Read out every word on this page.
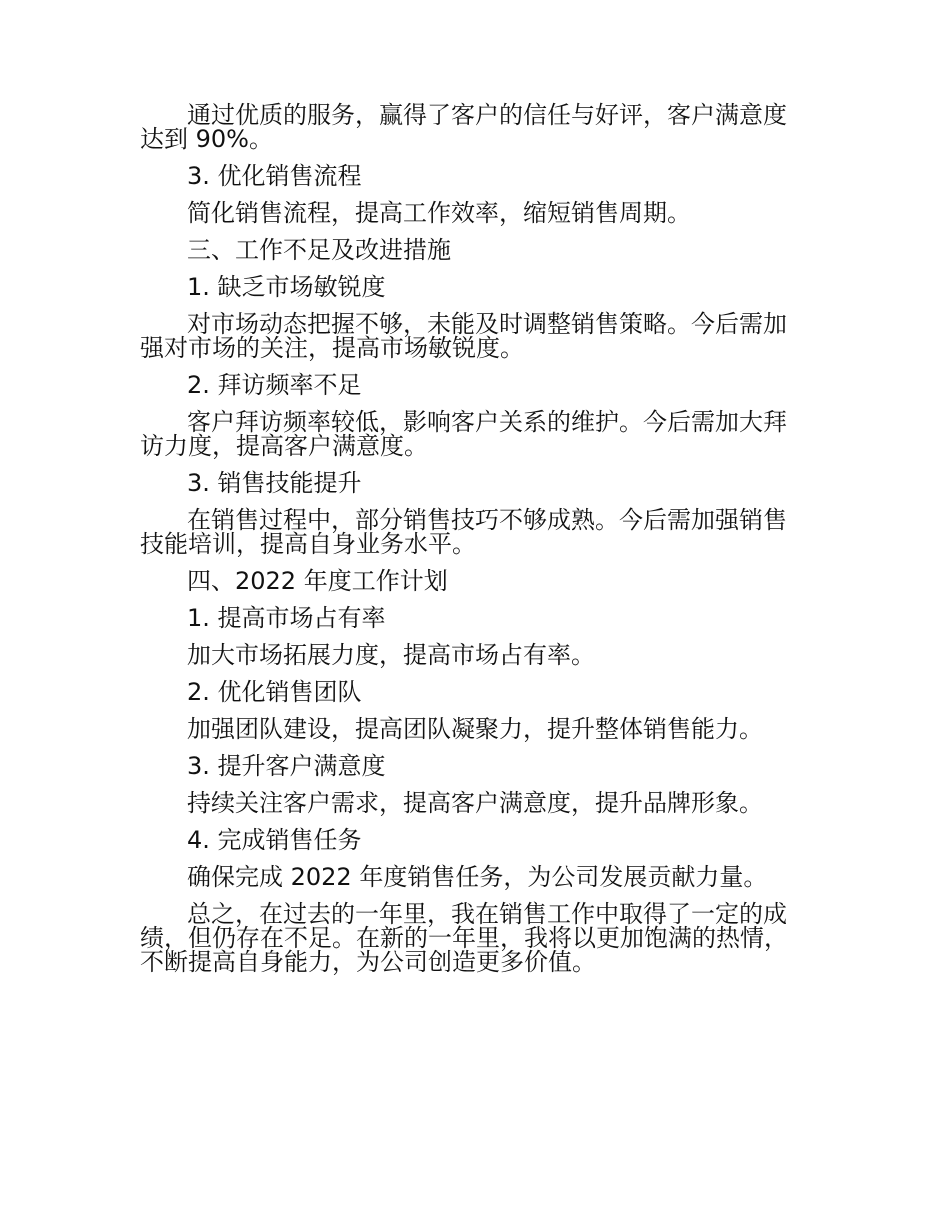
通过优质的服务，赢得了客户的信任与好评，客户满意度达到 90%。

3. 优化销售流程

简化销售流程，提高工作效率，缩短销售周期。

三、工作不足及改进措施

1. 缺乏市场敏锐度

对市场动态把握不够，未能及时调整销售策略。今后需加强对市场的关注，提高市场敏锐度。

2. 拜访频率不足

客户拜访频率较低，影响客户关系的维护。今后需加大拜访力度，提高客户满意度。

3. 销售技能提升

在销售过程中，部分销售技巧不够成熟。今后需加强销售技能培训，提高自身业务水平。

四、2022 年度工作计划

1. 提高市场占有率

加大市场拓展力度，提高市场占有率。

2. 优化销售团队

加强团队建设，提高团队凝聚力，提升整体销售能力。

3. 提升客户满意度

持续关注客户需求，提高客户满意度，提升品牌形象。

4. 完成销售任务

确保完成 2022 年度销售任务，为公司发展贡献力量。

总之，在过去的一年里，我在销售工作中取得了一定的成绩，但仍存在不足。在新的一年里，我将以更加饱满的热情，不断提高自身能力，为公司创造更多价值。
